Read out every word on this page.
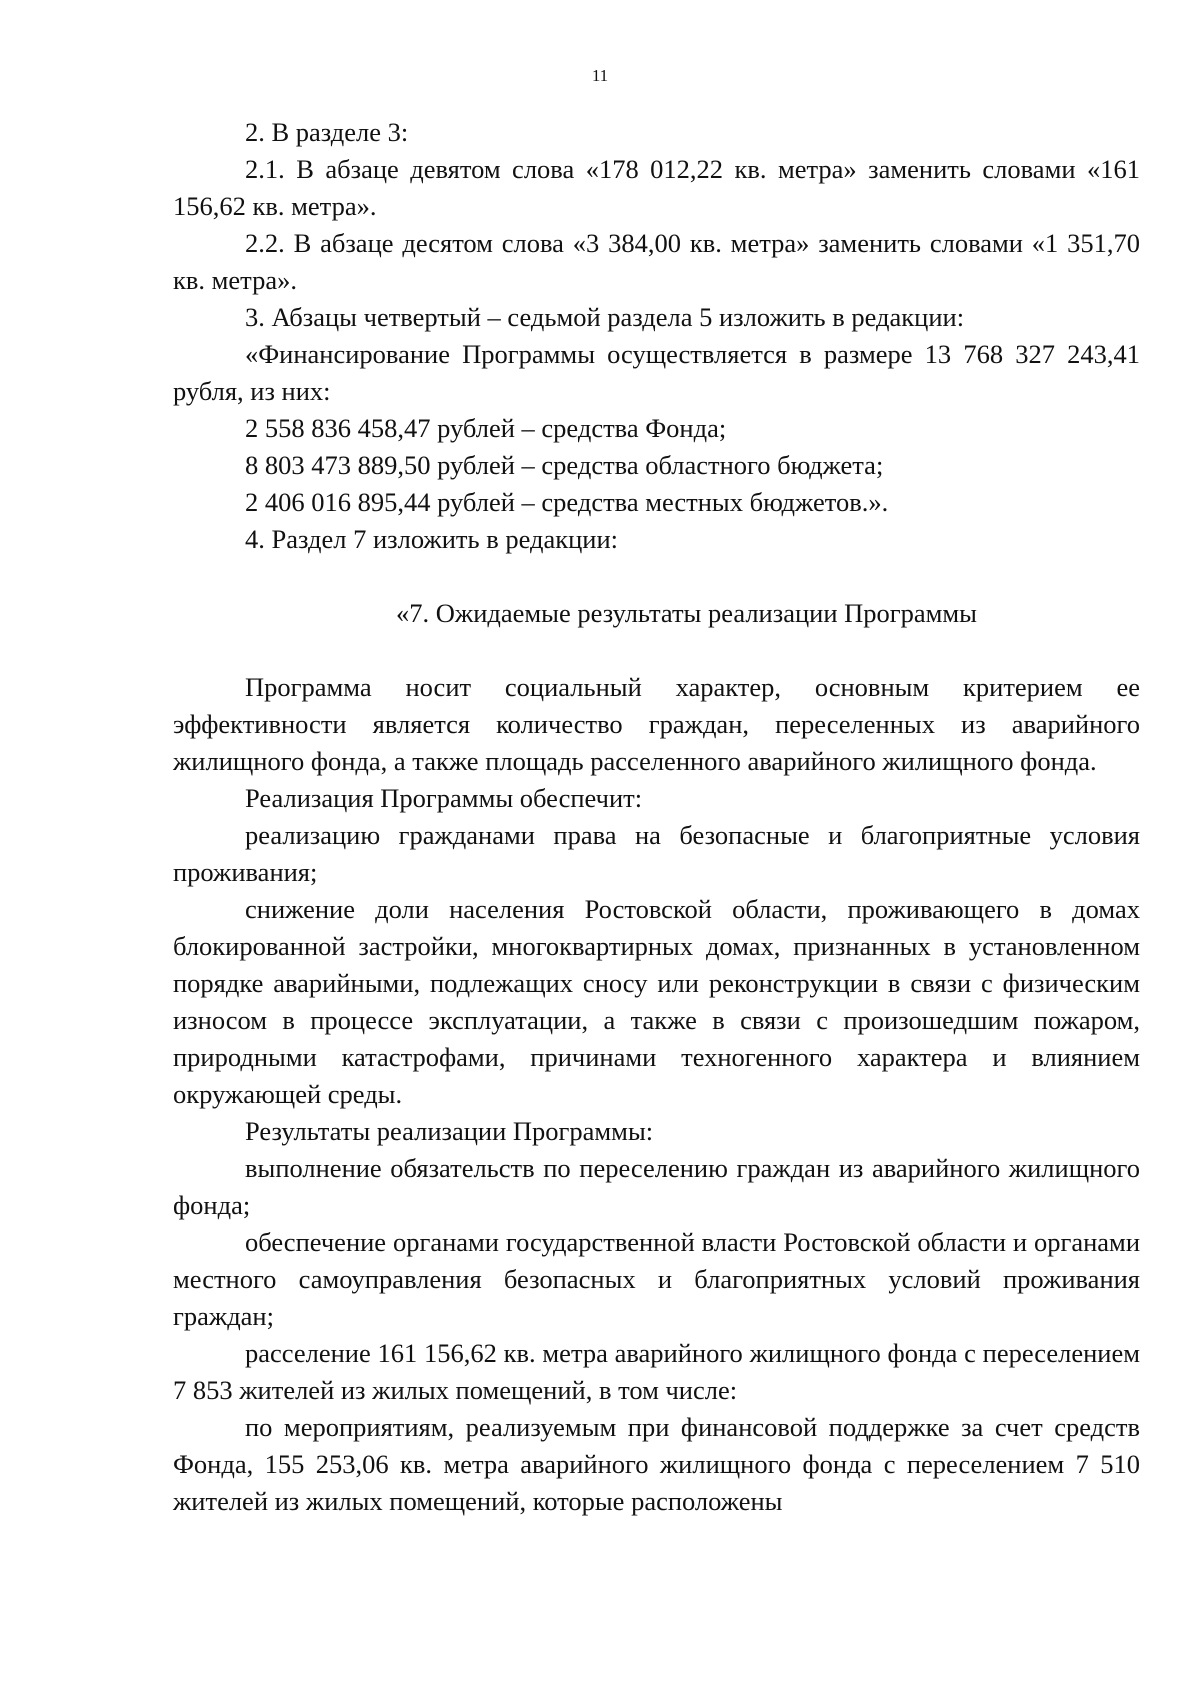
11

2. В разделе 3:

2.1. В абзаце девятом слова «178 012,22 кв. метра» заменить словами «161 156,62 кв. метра».

2.2. В абзаце десятом слова «3 384,00 кв. метра» заменить словами «1 351,70 кв. метра».

3. Абзацы четвертый – седьмой раздела 5 изложить в редакции:

«Финансирование Программы осуществляется в размере 13 768 327 243,41 рубля, из них:

2 558 836 458,47 рублей – средства Фонда;

8 803 473 889,50 рублей – средства областного бюджета;

2 406 016 895,44 рублей – средства местных бюджетов.».

4. Раздел 7 изложить в редакции:

«7. Ожидаемые результаты реализации Программы

Программа носит социальный характер, основным критерием ее эффективности является количество граждан, переселенных из аварийного жилищного фонда, а также площадь расселенного аварийного жилищного фонда.

Реализация Программы обеспечит:

реализацию гражданами права на безопасные и благоприятные условия проживания;

снижение доли населения Ростовской области, проживающего в домах блокированной застройки, многоквартирных домах, признанных в установленном порядке аварийными, подлежащих сносу или реконструкции в связи с физическим износом в процессе эксплуатации, а также в связи с произошедшим пожаром, природными катастрофами, причинами техногенного характера и влиянием окружающей среды.

Результаты реализации Программы:

выполнение обязательств по переселению граждан из аварийного жилищного фонда;

обеспечение органами государственной власти Ростовской области и органами местного самоуправления безопасных и благоприятных условий проживания граждан;

расселение 161 156,62 кв. метра аварийного жилищного фонда с переселением 7 853 жителей из жилых помещений, в том числе:

по мероприятиям, реализуемым при финансовой поддержке за счет средств Фонда, 155 253,06 кв. метра аварийного жилищного фонда с переселением 7 510 жителей из жилых помещений, которые расположены
